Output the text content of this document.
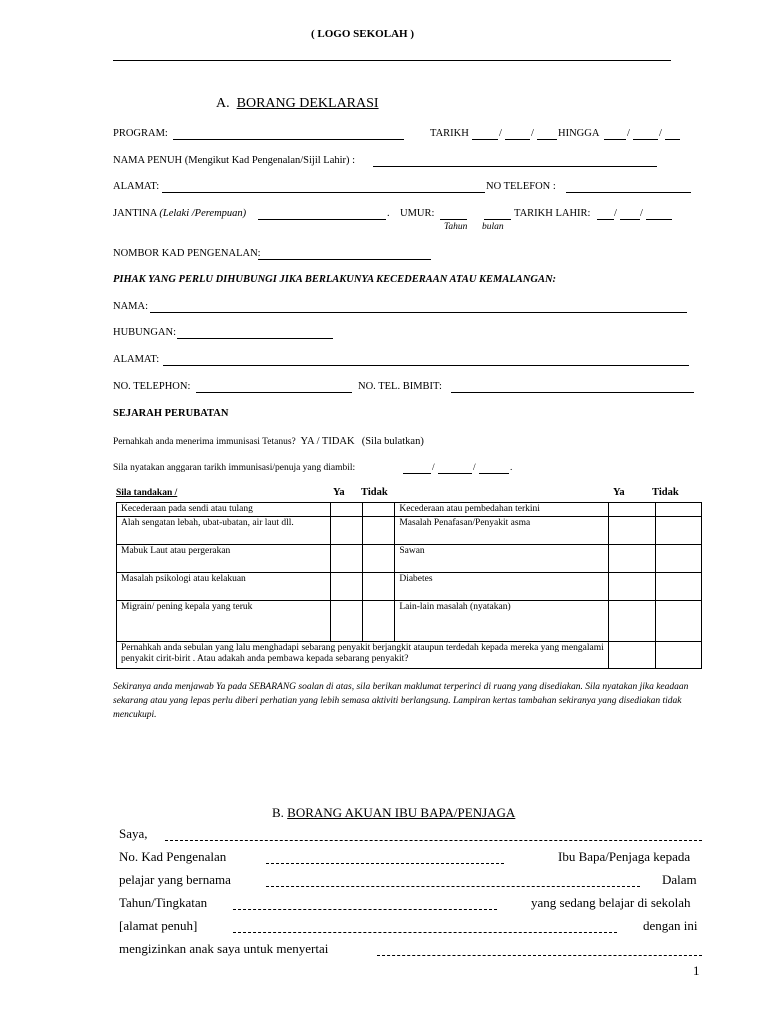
( LOGO SEKOLAH )
A. BORANG DEKLARASI
PROGRAM:	TARIKH	/	/ HINGGA	/	/
NAMA PENUH (Mengikut Kad Pengenalan/Sijil Lahir) :
ALAMAT:	NO TELEFON :
JANTINA (Lelaki /Perempuan)	. UMUR:	TARIKH LAHIR: / /
Tahun bulan
NOMBOR KAD PENGENALAN:
PIHAK YANG PERLU DIHUBUNGI JIKA BERLAKUNYA KECEDERAAN ATAU KEMALANGAN:
NAMA:
HUBUNGAN:
ALAMAT:
NO. TELEPHON:	NO. TEL. BIMBIT:
SEJARAH PERUBATAN
Pernahkah anda menerima immunisasi Tetanus? YA / TIDAK (Sila bulatkan)
Sila nyatakan anggaran tarikh immunisasi/penuja yang diambil:	/	/	.
Sila tandakan /	Ya Tidak	Ya	Tidak
Kecederaan pada sendi atau tulang			Kecederaan atau pembedahan terkini		
Alah sengatan lebah, ubat-ubatan, air laut dll.			Masalah Penafasan/Penyakit asma		
Mabuk Laut atau pergerakan			Sawan		
Masalah psikologi atau kelakuan			Diabetes		
Migrain/ pening kepala yang teruk			Lain-lain masalah (nyatakan)		
Pernahkah anda sebulan yang lalu menghadapi sebarang penyakit berjangkit ataupun terdedah kepada mereka yang mengalami penyakit cirit-birit . Atau adakah anda pembawa kepada sebarang penyakit?					
Sekiranya anda menjawab Ya pada SEBARANG soalan di atas, sila berikan maklumat terperinci di ruang yang disediakan. Sila nyatakan jika keadaan sekarang atau yang lepas perlu diberi perhatian yang lebih semasa aktiviti berlangsung. Lampiran kertas tambahan sekiranya yang disediakan tidak mencukupi.
B. BORANG AKUAN IBU BAPA/PENJAGA
Saya,
No. Kad Pengenalan	Ibu Bapa/Penjaga kepada
pelajar yang bernama	Dalam
Tahun/Tingkatan	yang sedang belajar di sekolah
[alamat penuh]	dengan ini
mengizinkan anak saya untuk menyertai
1
